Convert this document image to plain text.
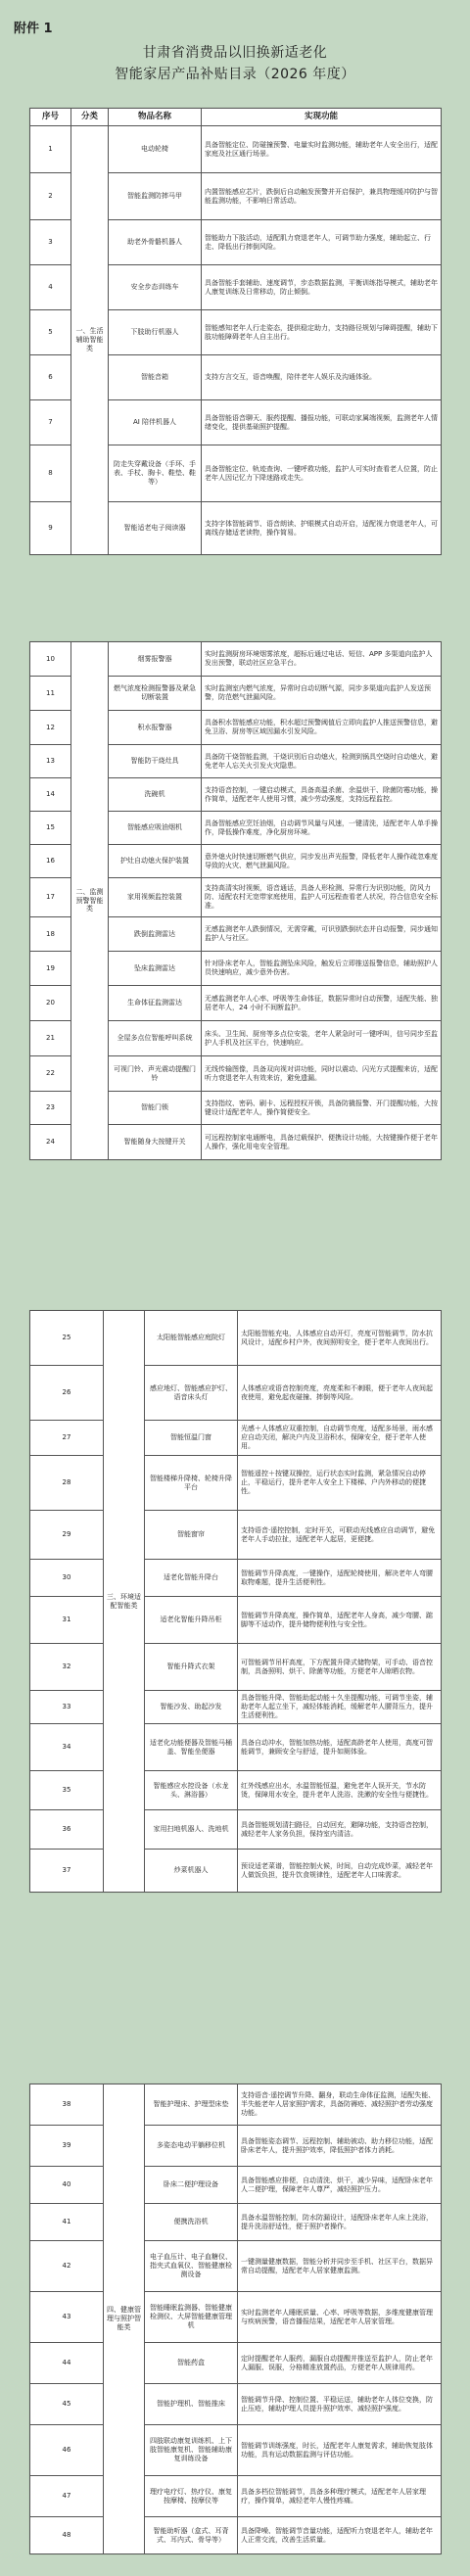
附件 1
甘肃省消费品以旧换新适老化
智能家居产品补贴目录（2026 年度）
序号	分类	物品名称	实现功能
1	一、生活辅助智能类	电动轮椅	具备智能定位、防碰撞预警、电量实时监测功能，辅助老年人安全出行，适配家庭及社区通行场景。
2		智能监测防摔马甲	内置智能感应芯片，跌倒后自动触发预警并开启保护，兼具物理缓冲防护与智能监测功能，不影响日常活动。
3		助老外骨骼机器人	智能助力下肢活动，适配肌力衰退老年人，可调节助力强度，辅助起立、行走、降低出行摔倒风险。
4		安全步态训练车	具备智能手套辅助、速度调节，步态数据监测，平衡训练指导模式，辅助老年人康复训练及日常移动，防止倾倒。
5		下肢助行机器人	智能感知老年人行走姿态，提供稳定助力，支持路径规划与障碍提醒，辅助下肢功能障碍老年人自主出行。
6		智能音箱	支持方言交互，语音唤醒，陪伴老年人娱乐及沟通体验。
7		AI 陪伴机器人	具备智能语音聊天、服药提醒、播报功能，可联动家属端视频，监测老年人情绪变化，提供基础照护提醒。
8		防走失穿戴设备（手环、手表、手杖、胸卡、鞋垫、鞋等）	具备智能定位、轨迹查询、一键呼救功能，监护人可实时查看老人位置，防止老年人因记忆力下降迷路或走失。
9		智能适老电子阅读器	支持字体智能调节、语音朗读、护眼模式自动开启，适配视力衰退老年人，可离线存储适老读物，操作简易。
10	二、监测预警智能类	烟雾报警器	实时监测厨房环境烟雾浓度，超标后通过电话、短信、APP 多渠道向监护人发出预警，联动社区应急平台。
11		燃气浓度检测报警器及紧急切断装置	实时监测室内燃气浓度，异常时自动切断气源，同步多渠道向监护人发送预警，防范燃气泄漏风险。
12		积水报警器	具备积水智能感应功能，积水超过预警阈值后立即向监护人推送预警信息，避免卫浴、厨房等区域因漏水引发风险。
13		智能防干烧灶具	具备防干烧智能监测，干烧识别后自动熄火，检测到锅具空烧时自动熄火，避免老年人忘关火引发火灾隐患。
14		洗碗机	支持语音控制，一键启动模式，具备高温杀菌、余温烘干、除菌防霉功能，操作简单，适配老年人使用习惯，减少劳动强度，支持远程监控。
15		智能感应吸油烟机	具备智能感应烹饪油烟，自动调节风量与风速，一键清洗，适配老年人单手操作，降低操作难度，净化厨房环境。
16		护灶自动熄火保护装置	意外熄火时快速切断燃气供应，同步发出声光报警，降低老年人操作疏忽难度导致的火灾、燃气泄漏风险。
17		家用视频监控装置	支持高清实时视频，语音通话，具备人形检测、异常行为识别功能，防风力防、适配农村无宽带家庭使用，监护人可远程查看老人状况，符合信息安全标准。
18		跌倒监测雷达	无感监测老年人跌倒情况，无需穿戴，可识别跌倒状态并自动报警，同步通知监护人与社区。
19		坠床监测雷达	针对卧床老年人，智能监测坠床风险，触发后立即推送报警信息，辅助照护人员快速响应，减少意外伤害。
20		生命体征监测雷达	无感监测老年人心率、呼吸等生命体征，数据异常时自动预警，适配失能、独居老年人，24 小时不间断监护。
21		全屋多点位智能呼叫系统	床头、卫生间、厨房等多点位安装，老年人紧急时可一键呼叫，信号同步至监护人手机及社区平台，快速响应。
22		可视门铃、声光震动提醒门铃	无线传输图像，具备双向视对讲功能，同时以震动、闪光方式提醒来访，适配听力衰退老年人有效来访，避免遗漏。
23		智能门锁	支持指纹、密码、刷卡、远程授权开锁，具备防撬报警、开门提醒功能，大按键设计适配老年人，操作简便安全。
24		智能随身大按键开关	可远程控制家电通断电，具备过载保护、便携设计功能，大按键操作便于老年人操作，强化用电安全管理。
25	三、环境适配智能类	太阳能智能感应庭院灯	太阳能智能充电，人体感应自动开灯，亮度可智能调节，防水抗风设计，适配乡村户外，夜间照明安全，便于老年人夜间出行。
26		感应地灯、智能感应护灯、语音床头灯	人体感应或语音控制亮度，亮度柔和不刺眼，便于老年人夜间起夜使用，避免起夜碰撞、摔倒等风险。
27		智能恒温门窗	光感＋人体感应双重控制，自动调节亮度，适配多场景，雨水感应自动关闭，解决户内及卫浴积水，保障安全，便于老年人使用。
28		智能楼梯升降椅、轮椅升降平台	智能遥控＋按键双操控，运行状态实时监测，紧急情况自动停止，平稳运行，提升老年人安全上下楼梯、户内外移动的便捷性。
29		智能窗帘	支持语音·遥控控制，定时开关，可联动光线感应自动调节，避免老年人手动拉扯，适配老年人起居，更便捷。
30		适老化智能升降台	智能调节升降高度，一键操作，适配轮椅使用，解决老年人弯腰取物难题，提升生活便利性。
31		适老化智能升降吊柜	智能调节升降高度，操作简单，适配老年人身高，减少弯腰、踮脚等不适动作，提升储物便利性与安全性。
32		智能升降式衣架	可智能调节吊杆高度，下方配置升降式储物架，可手动、语音控制，具备照明、烘干、除菌等功能，方便老年人晾晒衣物。
33		智能沙发、助起沙发	具备智能升降、智能助起动能＋久坐提醒功能，可调节坐姿，辅助老年人起立坐下，减轻体能消耗，缓解老年人腰背压力，提升生活便利性。
34		适老化功能便器及智能马桶盖、智能坐便器	具备自动冲水，智能加热功能，适配高龄老年人使用，高度可智能调节，兼顾安全与舒适，提升如厕体验。
35		智能感应水控设备（水龙头、淋浴器）	红外线感应出水，水温智能恒温，避免老年人误开关，节水防烫，保障用水安全，提升老年人洗浴、洗漱的安全性与便捷性。
36		家用扫地机器人、洗地机	具备智能规划清扫路径，自动回充，避障功能，支持语音控制，减轻老年人家务负担，保持室内清洁。
37		炒菜机器人	预设适老菜谱，智能控制火候，时间，自动完成炒菜，减轻老年人做饭负担，提升饮食规律性，适配老年人口味需求。
38	四、健康管理与照护智能类	智能护理床、护理型床垫	支持语音·遥控调节升降、翻身，联动生命体征监测，适配失能、半失能老年人居家照护需求，具备防褥疮、减轻照护者劳动强度功能。
39		多姿态电动平躺移位机	具备智能姿态调节、远程控制、辅助被动、助力移位功能，适配卧床老年人，提升照护效率，降低照护者体力消耗。
40		卧床二便护理设备	具备智能感应排便，自动清洗、烘干，减少异味，适配卧床老年人二便护理，保障老年人尊严，减轻照护压力。
41		便携洗浴机	具备水温智能控制，防水防漏设计，适配卧床老年人床上洗浴，提升洗浴舒适性，便于照护者操作。
42		电子血压计、电子血糖仪、指夹式血氧仪、智能健康检测设备	一键测量健康数据，智能分析并同步至手机、社区平台，数据异常自动提醒，适配老年人居家健康监测。
43		智能睡眠监测器、智能健康检测仪、大屏智能健康管理机	实时监测老年人睡眠质量、心率、呼吸等数据，多维度健康管理与疾病预警，语音播报结果，适配老年人居家管理。
44		智能药盒	定时提醒老年人服药，漏服自动提醒并推送至监护人，防止老年人漏服、误服，分格精准放置药品，方便老年人规律用药。
45		智能护理机、智能推床	智能调节升降、控制位置、平稳运送，辅助老年人体位变换，防止压疮，辅助护理人员提升照护效率、减轻照护强度。
46		四肢联动康复训练机、上下肢智能康复机、智能辅助康复训练设备	智能调节训练强度，时长，适配老年人康复需求，辅助恢复肢体功能，具有运动数据监测与评估功能。
47		理疗电疗灯、热疗仪、康复按摩椅、按摩仪等	具备多档位智能调节，具备多种理疗模式，适配老年人居家理疗，操作简单，减轻老年人慢性疼痛。
48		智能助听器（盒式、耳背式、耳内式、骨导等）	具备降噪、智能调节音量功能，适配听力衰退老年人，辅助老年人正常交流，改善生活质量。
